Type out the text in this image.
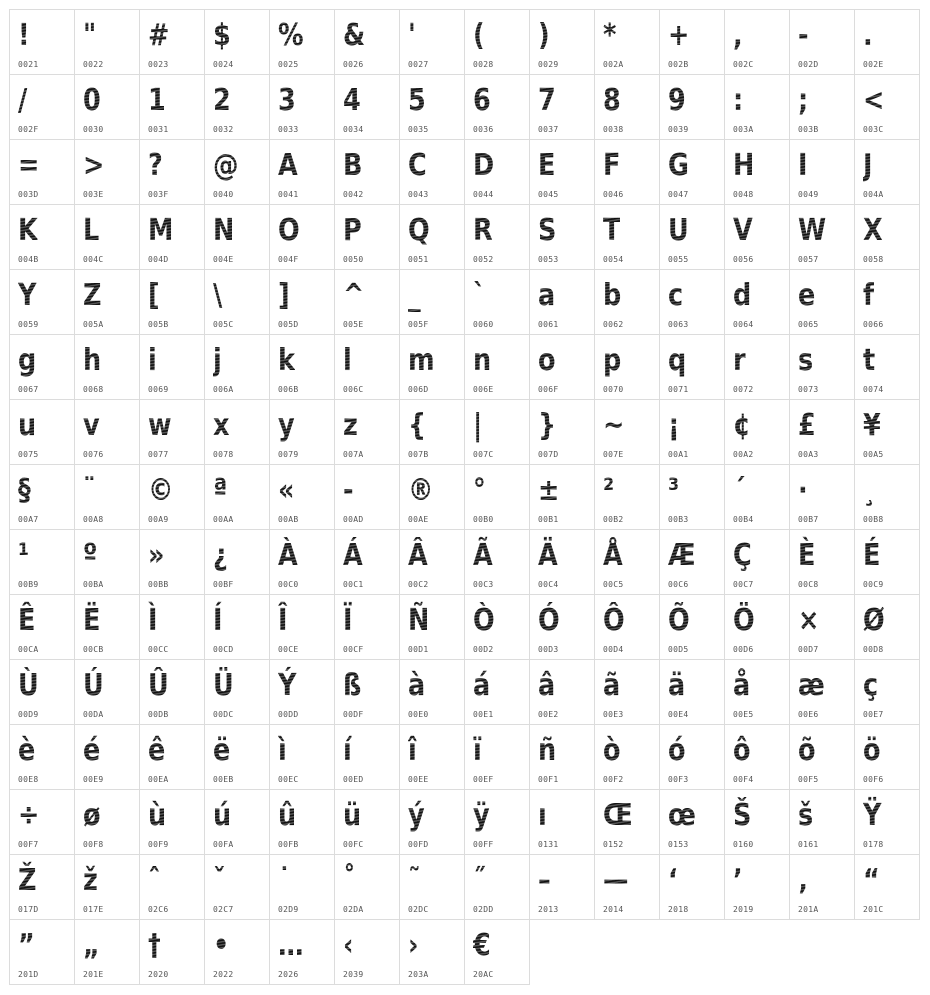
!
0021
"
0022
#
0023
$
0024
%
0025
&
0026
'
0027
(
0028
)
0029
*
002A
+
002B
,
002C
-
002D
.
002E
/
002F
0
0030
1
0031
2
0032
3
0033
4
0034
5
0035
6
0036
7
0037
8
0038
9
0039
:
003A
;
003B
<
003C
=
003D
>
003E
?
003F
@
0040
A
0041
B
0042
C
0043
D
0044
E
0045
F
0046
G
0047
H
0048
I
0049
J
004A
K
004B
L
004C
M
004D
N
004E
O
004F
P
0050
Q
0051
R
0052
S
0053
T
0054
U
0055
V
0056
W
0057
X
0058
Y
0059
Z
005A
[
005B
\
005C
]
005D
^
005E
_
005F
`
0060
a
0061
b
0062
c
0063
d
0064
e
0065
f
0066
g
0067
h
0068
i
0069
j
006A
k
006B
l
006C
m
006D
n
006E
o
006F
p
0070
q
0071
r
0072
s
0073
t
0074
u
0075
v
0076
w
0077
x
0078
y
0079
z
007A
{
007B
|
007C
}
007D
~
007E
¡
00A1
¢
00A2
£
00A3
¥
00A5
§
00A7
¨
00A8
©
00A9
ª
00AA
«
00AB
-
00AD
®
00AE
°
00B0
±
00B1
²
00B2
³
00B3
´
00B4
·
00B7
¸
00B8
¹
00B9
º
00BA
»
00BB
¿
00BF
À
00C0
Á
00C1
Â
00C2
Ã
00C3
Ä
00C4
Å
00C5
Æ
00C6
Ç
00C7
È
00C8
É
00C9
Ê
00CA
Ë
00CB
Ì
00CC
Í
00CD
Î
00CE
Ï
00CF
Ñ
00D1
Ò
00D2
Ó
00D3
Ô
00D4
Õ
00D5
Ö
00D6
×
00D7
Ø
00D8
Ù
00D9
Ú
00DA
Û
00DB
Ü
00DC
Ý
00DD
ß
00DF
à
00E0
á
00E1
â
00E2
ã
00E3
ä
00E4
å
00E5
æ
00E6
ç
00E7
è
00E8
é
00E9
ê
00EA
ë
00EB
ì
00EC
í
00ED
î
00EE
ï
00EF
ñ
00F1
ò
00F2
ó
00F3
ô
00F4
õ
00F5
ö
00F6
÷
00F7
ø
00F8
ù
00F9
ú
00FA
û
00FB
ü
00FC
ý
00FD
ÿ
00FF
ı
0131
Œ
0152
œ
0153
Š
0160
š
0161
Ÿ
0178
Ž
017D
ž
017E
ˆ
02C6
ˇ
02C7
˙
02D9
˚
02DA
˜
02DC
˝
02DD
–
2013
—
2014
‘
2018
’
2019
‚
201A
“
201C
”
201D
„
201E
†
2020
•
2022
…
2026
‹
2039
›
203A
€
20AC
